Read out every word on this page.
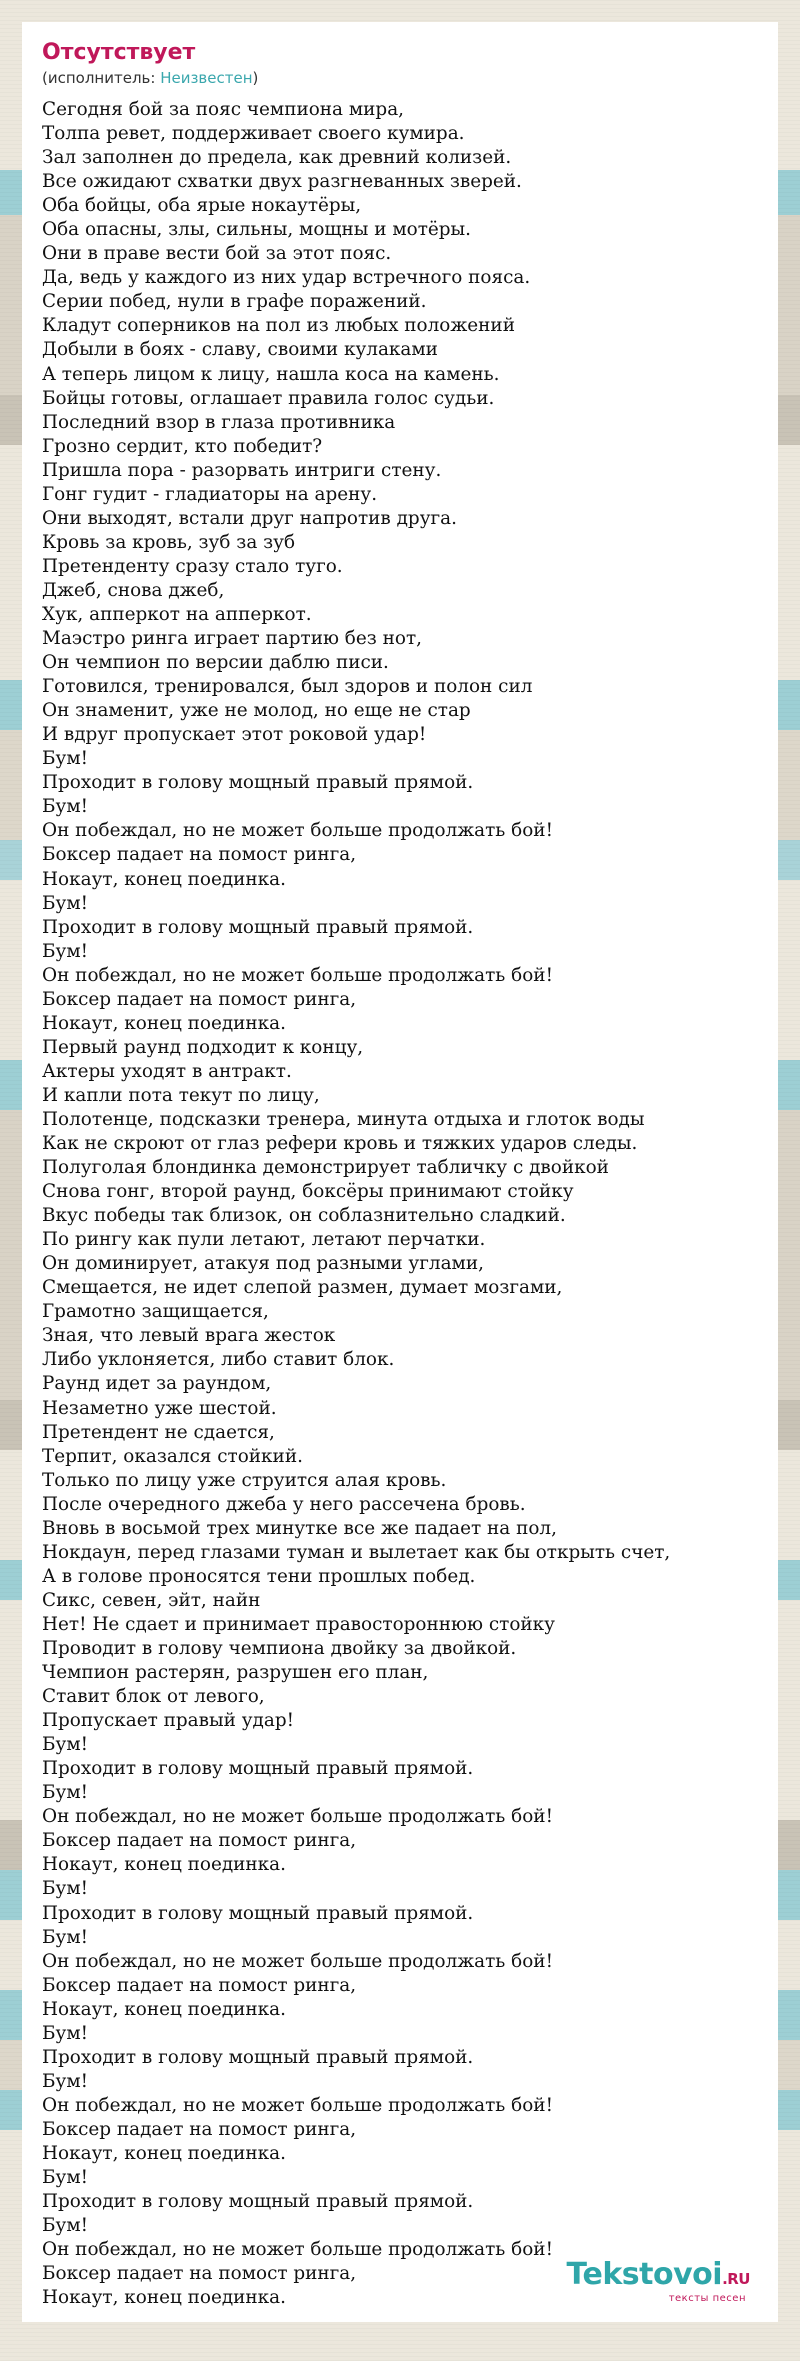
Отсутствует
(исполнитель: Неизвестен)
Сегодня бой за пояс чемпиона мира,
Толпа ревет, поддерживает своего кумира.
Зал заполнен до предела, как древний колизей.
Все ожидают схватки двух разгневанных зверей.
Оба бойцы, оба ярые нокаутёры,
Оба опасны, злы, сильны, мощны и мотёры.
Они в праве вести бой за этот пояс.
Да, ведь у каждого из них удар встречного пояса.
Серии побед, нули в графе поражений.
Кладут соперников на пол из любых положений
Добыли в боях - славу, своими кулаками
А теперь лицом к лицу, нашла коса на камень.
Бойцы готовы, оглашает правила голос судьи.
Последний взор в глаза противника
Грозно сердит, кто победит?
Пришла пора - разорвать интриги стену.
Гонг гудит - гладиаторы на арену.
Они выходят, встали друг напротив друга.
Кровь за кровь, зуб за зуб
Претенденту сразу стало туго.
Джеб, снова джеб,
Хук, апперкот на апперкот.
Маэстро ринга играет партию без нот,
Он чемпион по версии даблю писи.
Готовился, тренировался, был здоров и полон сил
Он знаменит, уже не молод, но еще не стар
И вдруг пропускает этот роковой удар!
Бум!
Проходит в голову мощный правый прямой.
Бум!
Он побеждал, но не может больше продолжать бой!
Боксер падает на помост ринга,
Нокаут, конец поединка.
Бум!
Проходит в голову мощный правый прямой.
Бум!
Он побеждал, но не может больше продолжать бой!
Боксер падает на помост ринга,
Нокаут, конец поединка.
Первый раунд подходит к концу,
Актеры уходят в антракт.
И капли пота текут по лицу,
Полотенце, подсказки тренера, минута отдыха и глоток воды
Как не скроют от глаз рефери кровь и тяжких ударов следы.
Полуголая блондинка демонстрирует табличку с двойкой
Снова гонг, второй раунд, боксёры принимают стойку
Вкус победы так близок, он соблазнительно сладкий.
По рингу как пули летают, летают перчатки.
Он доминирует, атакуя под разными углами,
Смещается, не идет слепой размен, думает мозгами,
Грамотно защищается,
Зная, что левый врага жесток
Либо уклоняется, либо ставит блок.
Раунд идет за раундом,
Незаметно уже шестой.
Претендент не сдается,
Терпит, оказался стойкий.
Только по лицу уже струится алая кровь.
После очередного джеба у него рассечена бровь.
Вновь в восьмой трех минутке все же падает на пол,
Нокдаун, перед глазами туман и вылетает как бы открыть счет,
А в голове проносятся тени прошлых побед.
Сикс, севен, эйт, найн
Нет! Не сдает и принимает правостороннюю стойку
Проводит в голову чемпиона двойку за двойкой.
Чемпион растерян, разрушен его план,
Ставит блок от левого,
Пропускает правый удар!
Бум!
Проходит в голову мощный правый прямой.
Бум!
Он побеждал, но не может больше продолжать бой!
Боксер падает на помост ринга,
Нокаут, конец поединка.
Бум!
Проходит в голову мощный правый прямой.
Бум!
Он побеждал, но не может больше продолжать бой!
Боксер падает на помост ринга,
Нокаут, конец поединка.
Бум!
Проходит в голову мощный правый прямой.
Бум!
Он побеждал, но не может больше продолжать бой!
Боксер падает на помост ринга,
Нокаут, конец поединка.
Бум!
Проходит в голову мощный правый прямой.
Бум!
Он побеждал, но не может больше продолжать бой!
Боксер падает на помост ринга,
Нокаут, конец поединка.
Tekstovoi.RU
тексты песен
